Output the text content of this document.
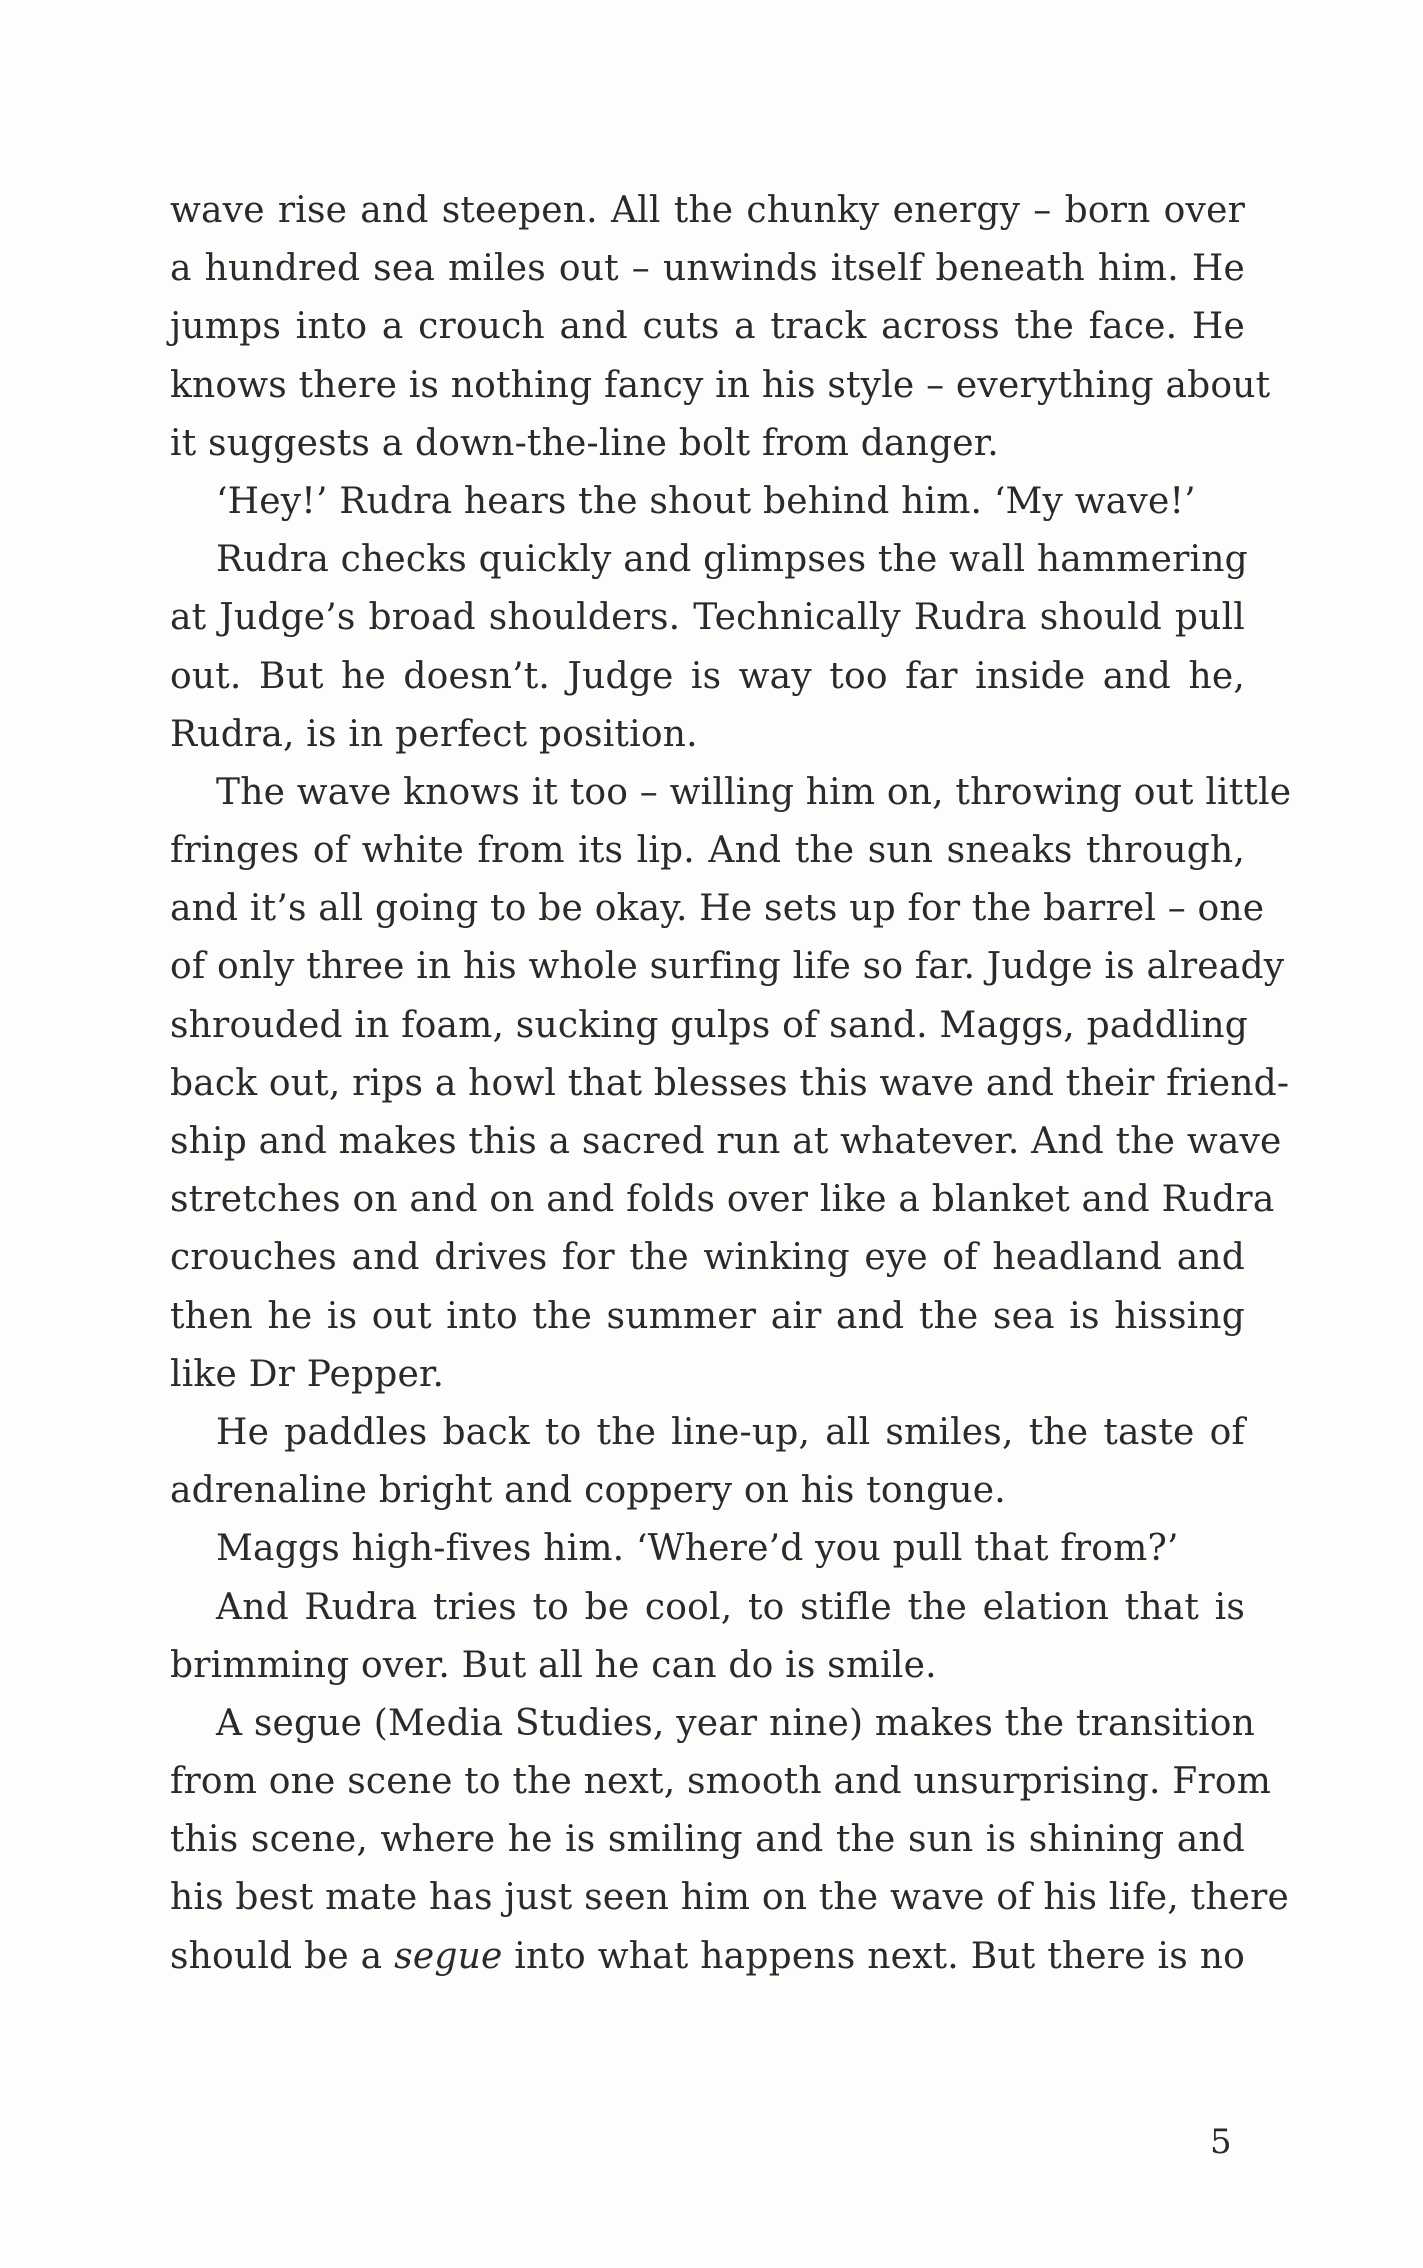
wave rise and steepen. All the chunky energy – born over
a hundred sea miles out – unwinds itself beneath him. He
jumps into a crouch and cuts a track across the face. He
knows there is nothing fancy in his style – everything about
it suggests a down-the-line bolt from danger.
‘Hey!’ Rudra hears the shout behind him. ‘My wave!’
Rudra checks quickly and glimpses the wall hammering
at Judge’s broad shoulders. Technically Rudra should pull
out. But he doesn’t. Judge is way too far inside and he,
Rudra, is in perfect position.
The wave knows it too – willing him on, throwing out little
fringes of white from its lip. And the sun sneaks through,
and it’s all going to be okay. He sets up for the barrel – one
of only three in his whole surfing life so far. Judge is already
shrouded in foam, sucking gulps of sand. Maggs, paddling
back out, rips a howl that blesses this wave and their friend-
ship and makes this a sacred run at whatever. And the wave
stretches on and on and folds over like a blanket and Rudra
crouches and drives for the winking eye of headland and
then he is out into the summer air and the sea is hissing
like Dr Pepper.
He paddles back to the line-up, all smiles, the taste of
adrenaline bright and coppery on his tongue.
Maggs high-fives him. ‘Where’d you pull that from?’
And Rudra tries to be cool, to stifle the elation that is
brimming over. But all he can do is smile.
A segue (Media Studies, year nine) makes the transition
from one scene to the next, smooth and unsurprising. From
this scene, where he is smiling and the sun is shining and
his best mate has just seen him on the wave of his life, there
should be a segue into what happens next. But there is no
5
